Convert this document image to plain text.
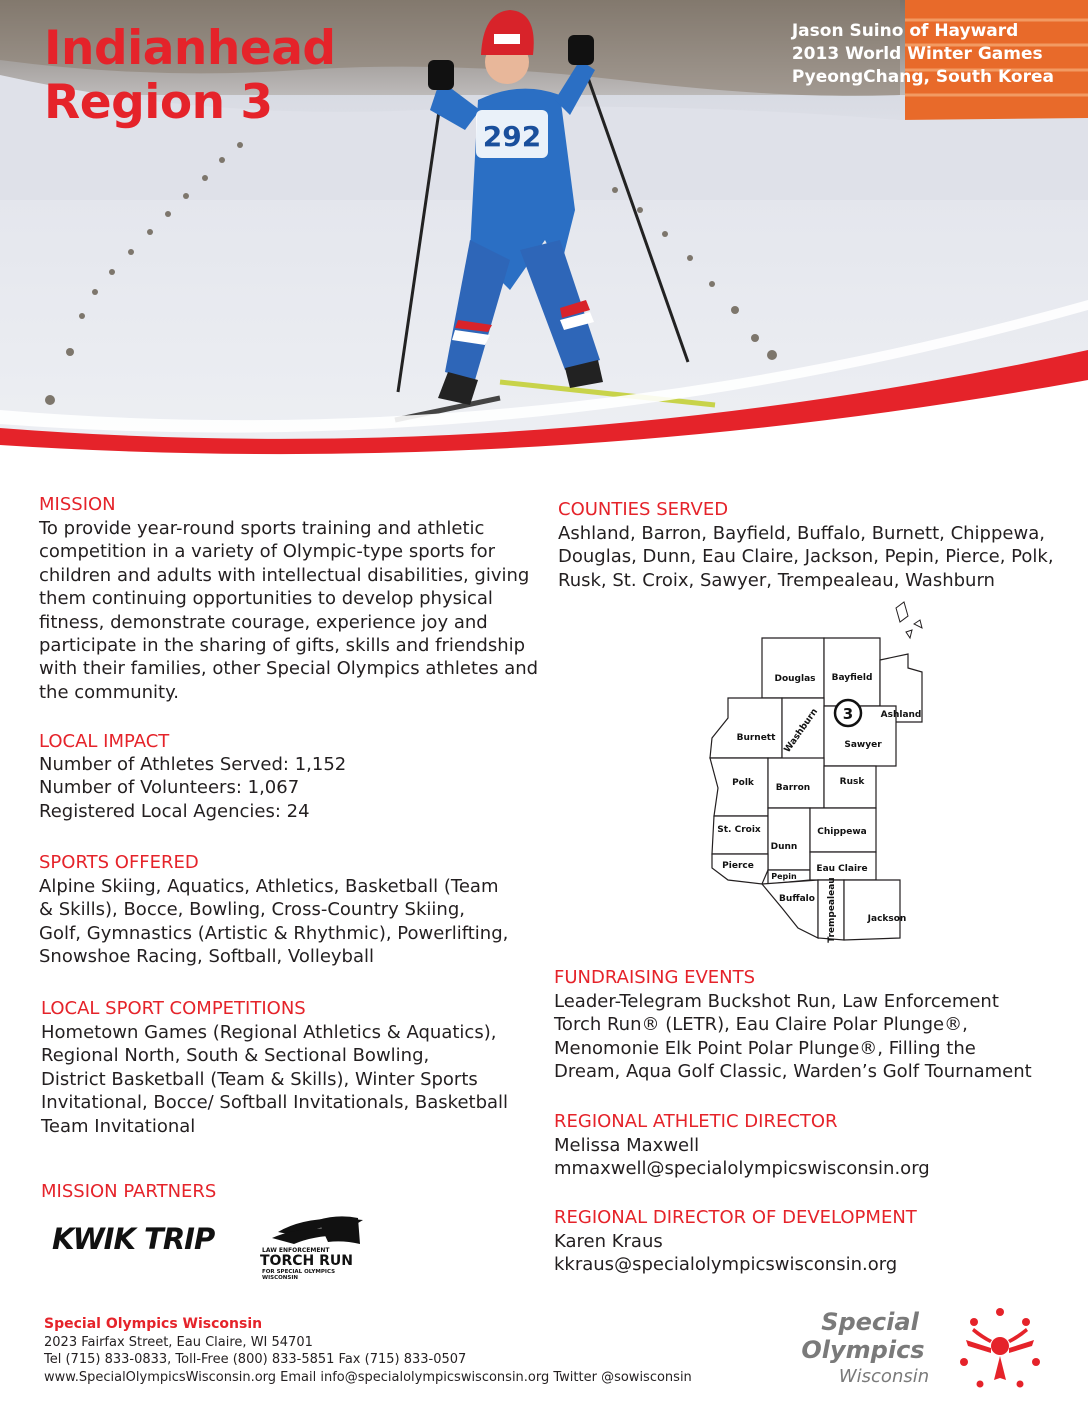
292
Indianhead
Region 3
Jason Suino of Hayward
2013 World Winter Games
PyeongChang, South Korea
MISSION
To provide year-round sports training and athletic
competition in a variety of Olympic-type sports for
children and adults with intellectual disabilities, giving
them continuing opportunities to develop physical
fitness, demonstrate courage, experience joy and
participate in the sharing of gifts, skills and friendship
with their families, other Special Olympics athletes and
the community.
LOCAL IMPACT
Number of Athletes Served: 1,152
Number of Volunteers: 1,067
Registered Local Agencies: 24
SPORTS OFFERED
Alpine Skiing, Aquatics, Athletics, Basketball (Team
& Skills), Bocce, Bowling, Cross-Country Skiing,
Golf, Gymnastics (Artistic & Rhythmic), Powerlifting,
Snowshoe Racing, Softball, Volleyball
LOCAL SPORT COMPETITIONS
Hometown Games (Regional Athletics & Aquatics),
Regional North, South & Sectional Bowling,
District Basketball (Team & Skills), Winter Sports
Invitational, Bocce/ Softball Invitationals, Basketball
Team Invitational
MISSION PARTNERS
KWIK TRIP	LAW ENFORCEMENT
TORCH RUN
FOR SPECIAL OLYMPICS
WISCONSIN
COUNTIES SERVED
Ashland, Barron, Bayfield, Buffalo, Burnett, Chippewa,
Douglas, Dunn, Eau Claire, Jackson, Pepin, Pierce, Polk,
Rusk, St. Croix, Sawyer, Trempealeau, Washburn
3
Douglas Bayfield
Ashland
Burnett Washburn	Sawyer
Polk Barron
Rusk
St. Croix
Dunn
Chippewa
Pierce
Pepin
Eau Claire
Buffalo Trempealeau	Jackson
FUNDRAISING EVENTS
Leader-Telegram Buckshot Run, Law Enforcement
Torch Run® (LETR), Eau Claire Polar Plunge®,
Menomonie Elk Point Polar Plunge®, Filling the
Dream, Aqua Golf Classic, Warden’s Golf Tournament
REGIONAL ATHLETIC DIRECTOR
Melissa Maxwell
mmaxwell@specialolympicswisconsin.org
REGIONAL DIRECTOR OF DEVELOPMENT
Karen Kraus
kkraus@specialolympicswisconsin.org
Special Olympics Wisconsin
2023 Fairfax Street, Eau Claire, WI 54701
Tel (715) 833-0833, Toll-Free (800) 833-5851 Fax (715) 833-0507
www.SpecialOlympicsWisconsin.org Email info@specialolympicswisconsin.org Twitter @sowisconsin
Special
Olympics
Wisconsin
